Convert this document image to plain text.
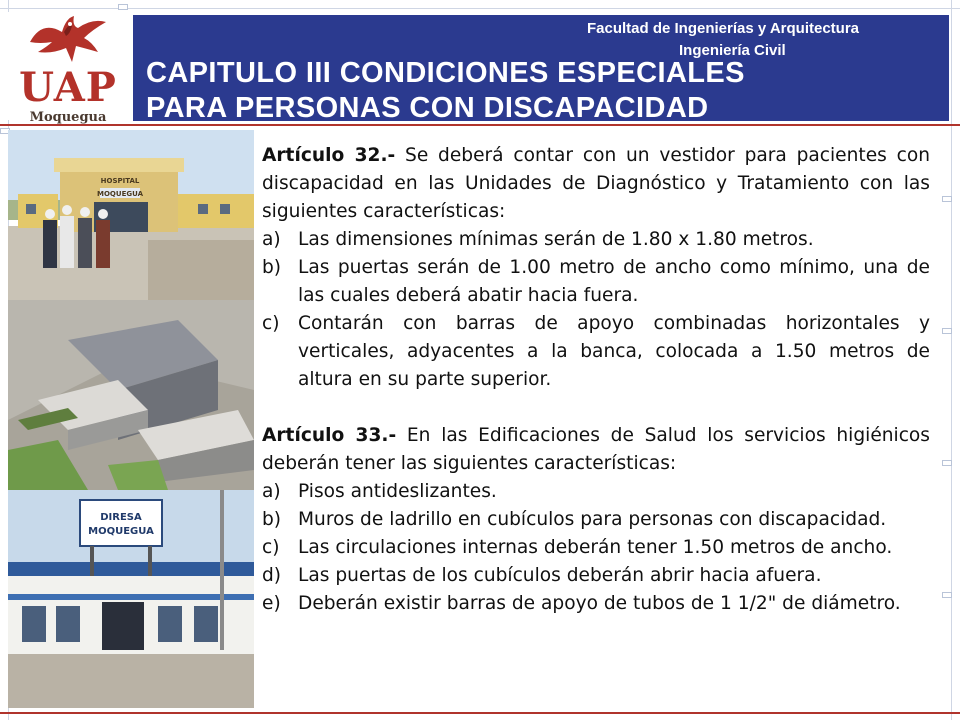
UAP
Moquegua
Facultad de Ingenierías y Arquitectura
Ingeniería Civil
CAPITULO III CONDICIONES ESPECIALES
PARA PERSONAS CON DISCAPACIDAD
HOSPITAL
MOQUEGUA
DIRESA
MOQUEGUA

Artículo 32.- Se deberá contar con un vestidor para pacientes con discapacidad en las Unidades de Diagnóstico y Tratamiento con las siguientes características:

a) Las dimensiones mínimas serán de 1.80 x 1.80 metros.
b) Las puertas serán de 1.00 metro de ancho como mínimo, una de las cuales deberá abatir hacia fuera.
c) Contarán con barras de apoyo combinadas horizontales y verticales, adyacentes a la banca, colocada a 1.50 metros de altura en su parte superior.

Artículo 33.- En las Edificaciones de Salud los servicios higiénicos deberán tener las siguientes características:

a) Pisos antideslizantes.
b) Muros de ladrillo en cubículos para personas con discapacidad.
c) Las circulaciones internas deberán tener 1.50 metros de ancho.
d) Las puertas de los cubículos deberán abrir hacia afuera.
e) Deberán existir barras de apoyo de tubos de 1 1/2" de diámetro.
